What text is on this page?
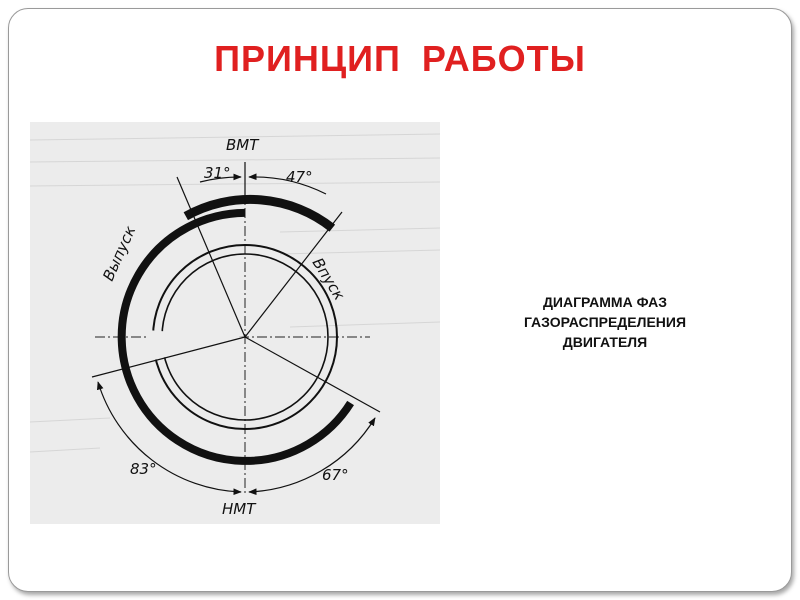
ПРИНЦИП РАБОТЫ
ВМТ
НМТ
31°	47°
83°	67°
Выпуск	Впуск	ДИАГРАММА ФАЗ
ГАЗОРАСПРЕДЕЛЕНИЯ
ДВИГАТЕЛЯ
